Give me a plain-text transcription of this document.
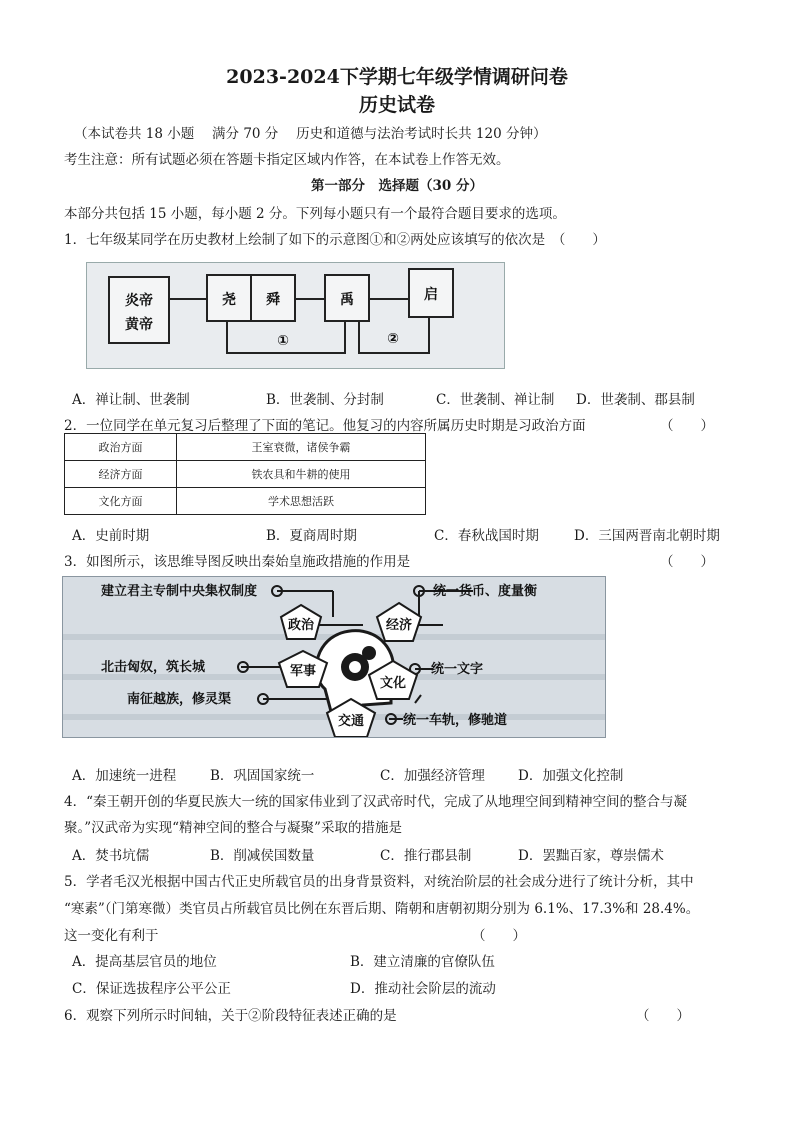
2023-2024下学期七年级学情调研问卷
历史试卷
（本试卷共 18 小题　 满分 70 分　 历史和道德与法治考试时长共 120 分钟）
考生注意：所有试题必须在答题卡指定区域内作答，在本试卷上作答无效。
第一部分　选择题（30 分）
本部分共包括 15 小题，每小题 2 分。下列每小题只有一个最符合题目要求的选项。
1．七年级某同学在历史教材上绘制了如下的示意图①和②两处应该填写的依次是　（　　）
炎帝
黄帝
尧 舜	禹	启
①	②
A．禅让制、世袭制	B．世袭制、分封制	C．世袭制、禅让制 D．世袭制、郡县制
2．一位同学在单元复习后整理了下面的笔记。他复习的内容所属历史时期是习政治方面	（　　）
政治方面	王室衰微，诸侯争霸
经济方面	铁农具和牛耕的使用
文化方面	学术思想活跃
A．史前时期	B．夏商周时期	C．春秋战国时期	D．三国两晋南北朝时期
3．如图所示，该思维导图反映出秦始皇施政措施的作用是	（　　）
建立君主专制中央集权制度
政治
统一货币、度量衡
经济
北击匈奴，筑长城	军事	统一文字
文化
南征越族，修灵渠
交通	统一车轨，修驰道
A．加速统一进程	B．巩固国家统一	C．加强经济管理 D．加强文化控制
4．“秦王朝开创的华夏民族大一统的国家伟业到了汉武帝时代，完成了从地理空间到精神空间的整合与凝
聚。”汉武帝为实现“精神空间的整合与凝聚”采取的措施是
A．焚书坑儒	B．削减侯国数量	C．推行郡县制	D．罢黜百家，尊崇儒术
5．学者毛汉光根据中国古代正史所载官员的出身背景资料，对统治阶层的社会成分进行了统计分析，其中
“寒素”（门第寒微）类官员占所载官员比例在东晋后期、隋朝和唐朝初期分别为 6.1%、17.3%和 28.4%。
这一变化有利于	（　　）
A．提高基层官员的地位	B．建立清廉的官僚队伍
C．保证选拔程序公平公正	D．推动社会阶层的流动
6．观察下列所示时间轴，关于②阶段特征表述正确的是	（　　）
